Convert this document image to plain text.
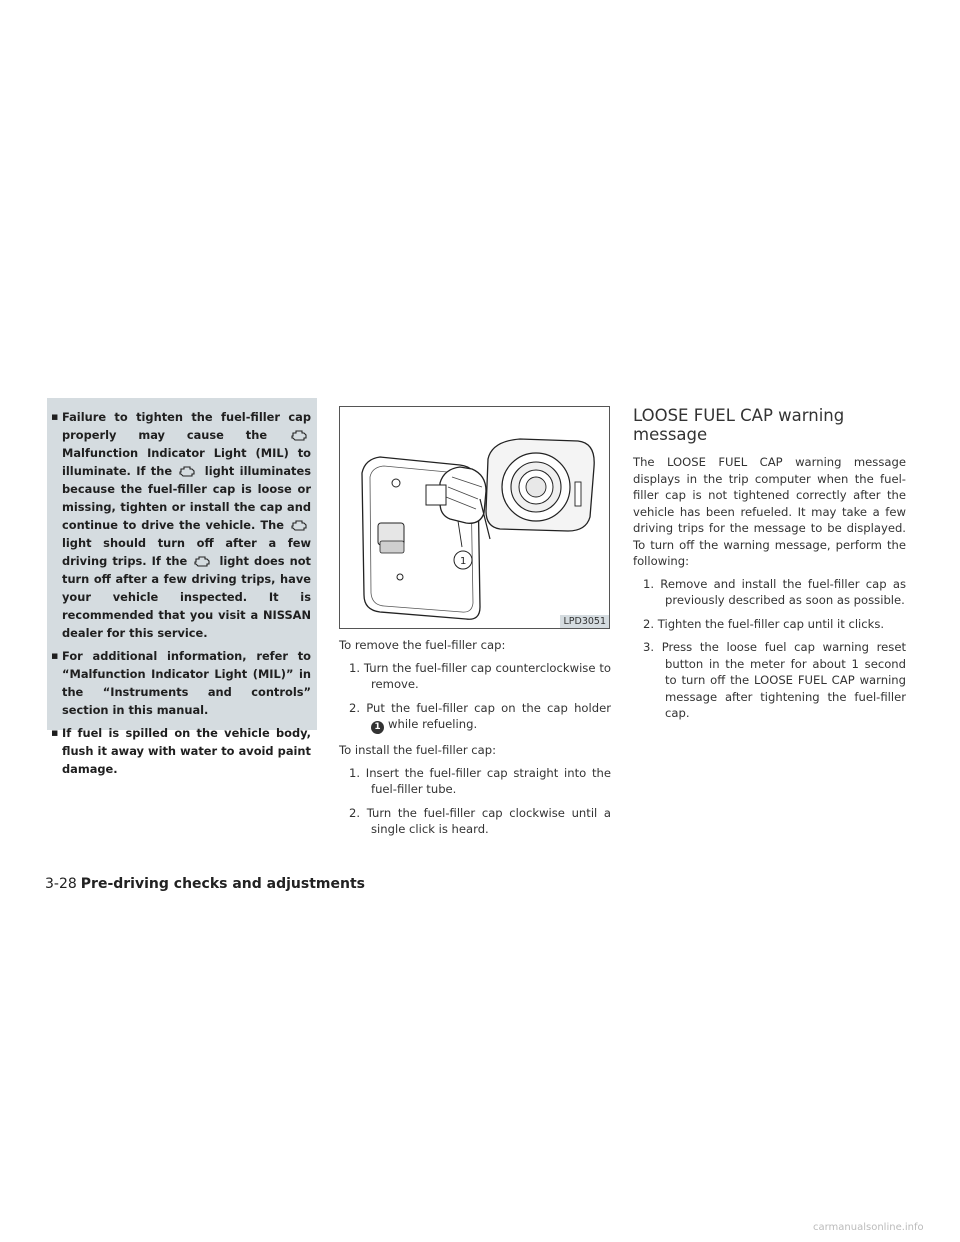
▪ Failure to tighten the fuel-filler cap properly may cause the
Malfunction Indicator Light (MIL) to illuminate. If the	light illuminates because the fuel-filler cap is loose or missing, tighten or install the cap and continue to drive the vehicle. The
light should turn off after a few driving trips. If the	light does not turn off after a few driving trips, have your vehicle inspected. It is recommended that you visit a NISSAN dealer for this service.
▪ For additional information, refer to “Malfunction Indicator Light (MIL)” in the “Instruments and controls” section in this manual.
▪ If fuel is spilled on the vehicle body, flush it away with water to avoid paint damage.
1
LPD3051

To remove the fuel-filler cap:

1. Turn the fuel-filler cap counterclockwise to remove.
2. Put the fuel-filler cap on the cap holder 1 while refueling.

To install the fuel-filler cap:

1. Insert the fuel-filler cap straight into the fuel-filler tube.
2. Turn the fuel-filler cap clockwise until a single click is heard.
LOOSE FUEL CAP warning message

The LOOSE FUEL CAP warning message displays in the trip computer when the fuel-filler cap is not tightened correctly after the vehicle has been refueled. It may take a few driving trips for the message to be displayed. To turn off the warning message, perform the following:

1. Remove and install the fuel-filler cap as previously described as soon as possible.
2. Tighten the fuel-filler cap until it clicks.
3. Press the loose fuel cap warning reset button in the meter for about 1 second to turn off the LOOSE FUEL CAP warning message after tightening the fuel-filler cap.
3-28 Pre-driving checks and adjustments
carmanualsonline.info
